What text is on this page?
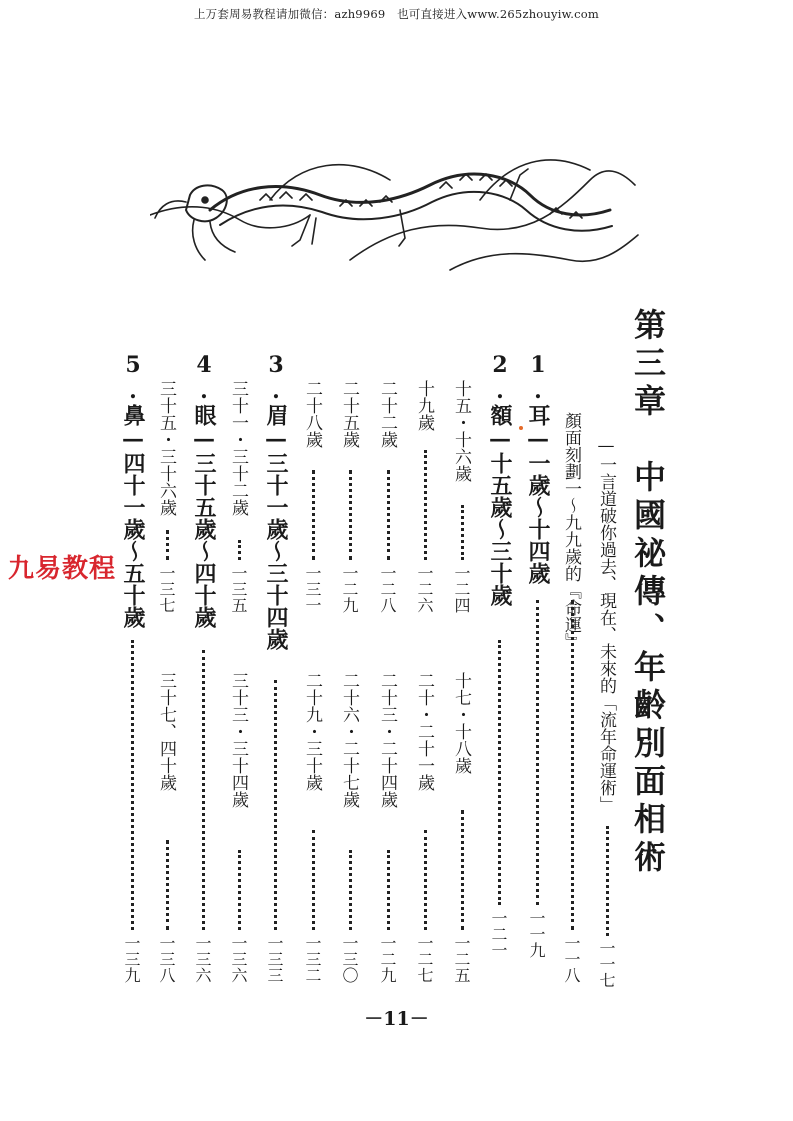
上万套周易教程请加微信：azh9969　也可直接进入www.265zhouyiw.com
第三章　中國祕傳、年齡別面相術
—一言道破你過去、現在、未來的「流年命運術」
一一七
顏面刻劃一〜九九歲的『命運』
一一八
1.耳—一歲〜十四歲
一一九
2.額—十五歲〜三十歲
一二一
十五・十六歲
一二四
十七・十八歲
一二五
十九歲
一二六
二十・二十一歲
一二七
二十二歲
一二八
二十三・二十四歲
一二九
二十五歲
一二九
二十六・二十七歲
一三〇
二十八歲
一三一
二十九・三十歲
一三二
3.眉—三十一歲〜三十四歲
一三三
三十一・三十二歲
一三五
三十三・三十四歲
一三六
4.眼—三十五歲〜四十歲
一三六
三十五・三十六歲
一三七
三十七、四十歲
一三八
5.鼻—四十一歲〜五十歲
一三九
九易教程
－11－
